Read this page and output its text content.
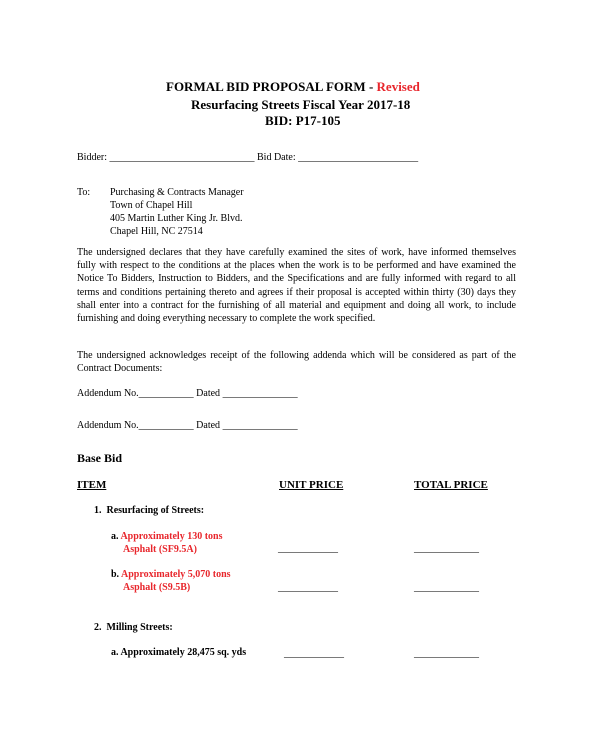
FORMAL BID PROPOSAL FORM - Revised
Resurfacing Streets Fiscal Year 2017-18
BID: P17-105
Bidder: _____________________________ Bid Date: ________________________
To: Purchasing & Contracts Manager
Town of Chapel Hill
405 Martin Luther King Jr. Blvd.
Chapel Hill, NC 27514
The undersigned declares that they have carefully examined the sites of work, have informed themselves fully with respect to the conditions at the places when the work is to be performed and have examined the Notice To Bidders, Instruction to Bidders, and the Specifications and are fully informed with regard to all terms and conditions pertaining thereto and agrees if their proposal is accepted within thirty (30) days they shall enter into a contract for the furnishing of all material and equipment and doing all work, to include furnishing and doing everything necessary to complete the work specified.
The undersigned acknowledges receipt of the following addenda which will be considered as part of the Contract Documents:
Addendum No.___________ Dated _______________
Addendum No.___________ Dated _______________
Base Bid
ITEM	UNIT PRICE	TOTAL PRICE
1. Resurfacing of Streets:
a. Approximately 130 tons
Asphalt (SF9.5A)	____________	_____________
b. Approximately 5,070 tons
Asphalt (S9.5B)	____________	_____________
2. Milling Streets:
a. Approximately 28,475 sq. yds	____________	_____________
